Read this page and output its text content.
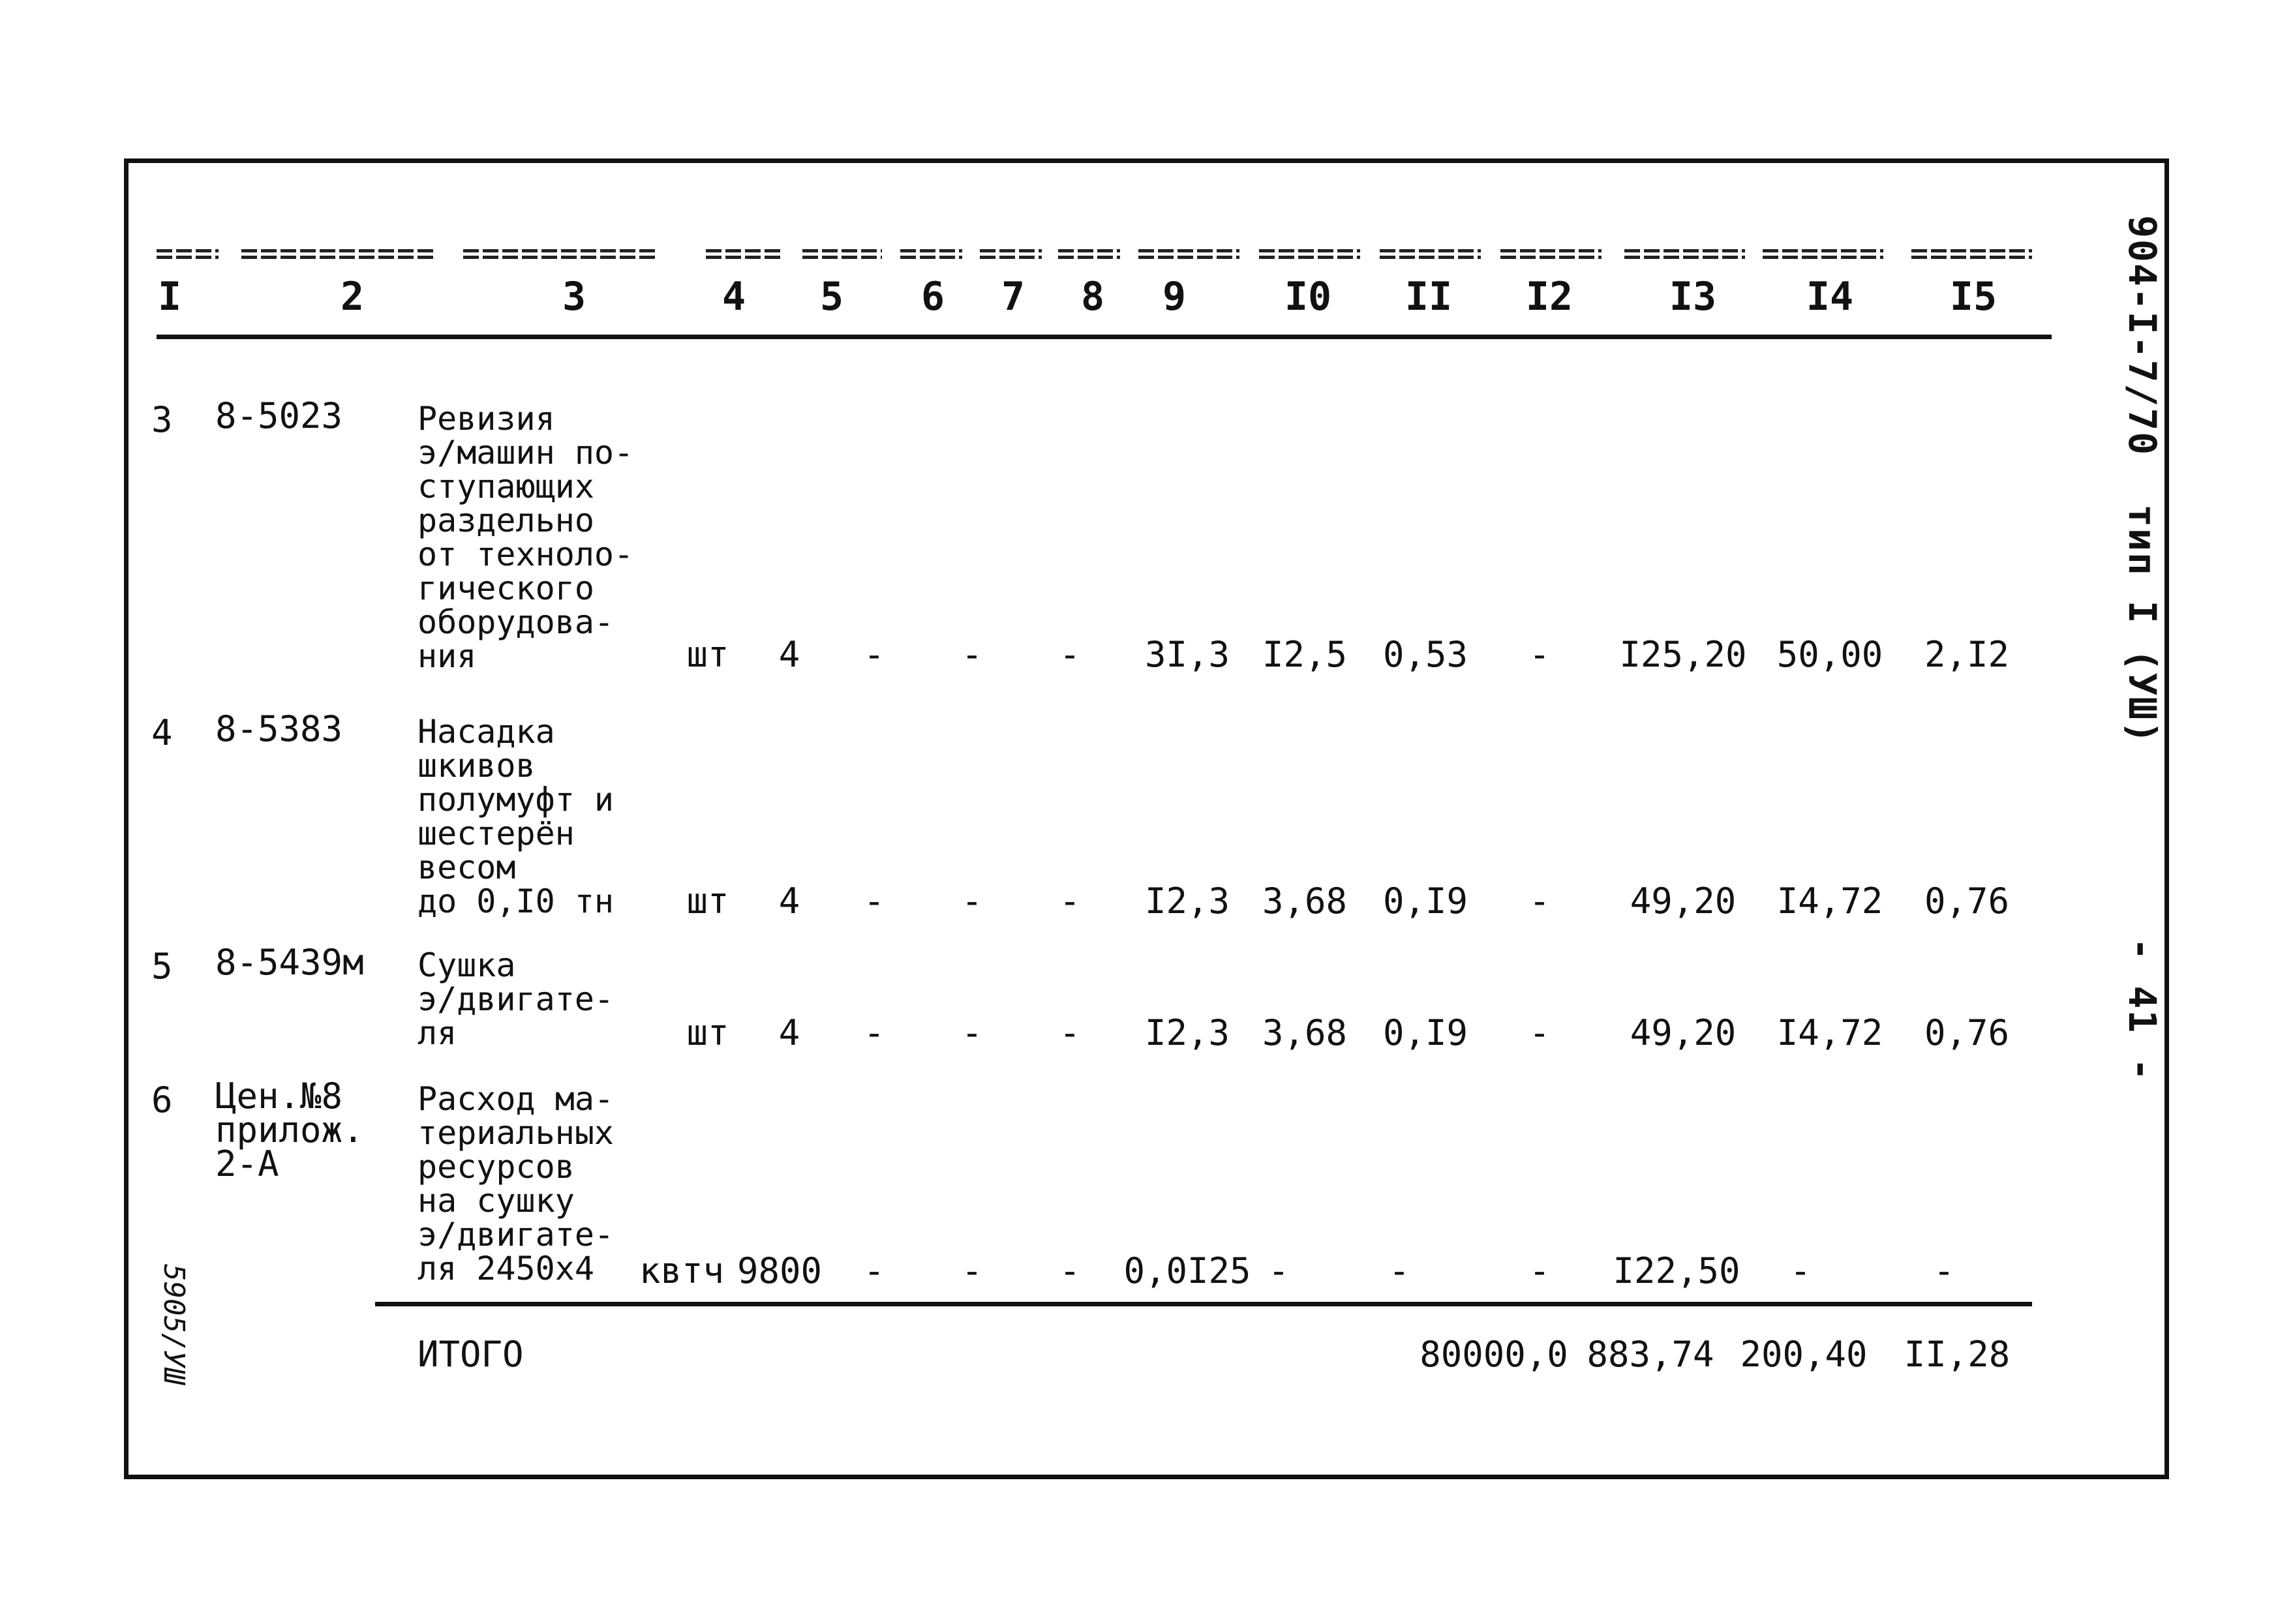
904-I-7/70  тип I (УШ)        - 41 -
5905/УШ
I	2	3	4 5 6 7 8 9	I0 II I2 I3 I4 I5
3 8-5023 Ревизия
э/машин по-
ступающих
раздельно
от техноло-
гического
оборудова-
ния	шт	4 - - - 3I,3 I2,5 0,53 - I25,20 50,00 2,I2
4 8-5383 Насадка
шкивов
полумуфт и
шестерён
весом
до 0,I0 тн	шт	4 - - - I2,3 3,68 0,I9 -	49,20	I4,72 0,76
5 8-5439м Сушка
э/двигате-
ля	шт	4 - - - I2,3 3,68 0,I9 -	49,20	I4,72 0,76
6 Цен.№8
прилож.
2-А
Расход ма-
териальных
ресурсов
на сушку
э/двигате-
ля 2450х4	квтч 9800 - - - 0,0I25 -	-	- I22,50 -	-
ИТОГО	80000,0 883,74 200,40 II,28
